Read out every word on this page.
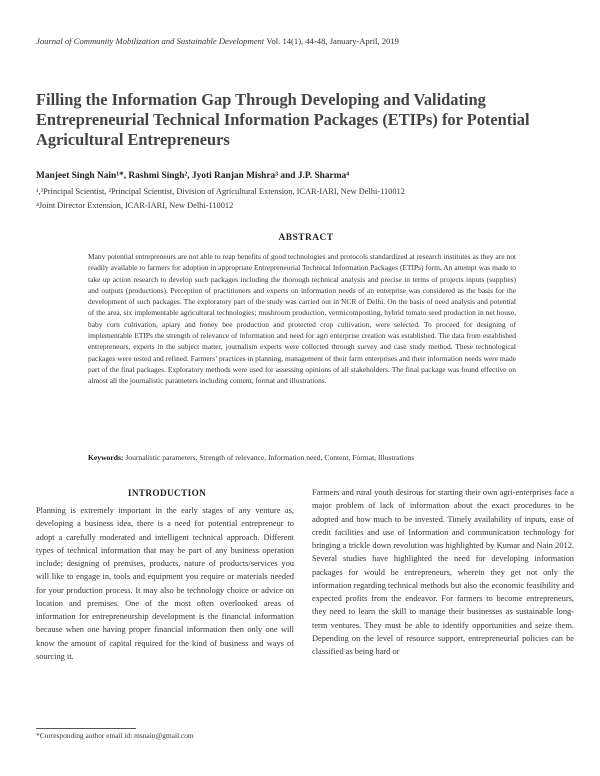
Journal of Community Mobilization and Sustainable Development Vol. 14(1), 44-48, January-April, 2019
Filling the Information Gap Through Developing and Validating Entrepreneurial Technical Information Packages (ETIPs) for Potential Agricultural Entrepreneurs
Manjeet Singh Nain¹*, Rashmi Singh², Jyoti Ranjan Mishra³ and J.P. Sharma⁴
¹,³Principal Scientist, ²Principal Scientist, Division of Agricultural Extension, ICAR-IARI, New Delhi-110012
⁴Joint Director Extension, ICAR-IARI, New Delhi-110012
ABSTRACT
Many potential entrepreneurs are not able to reap benefits of good technologies and protocols standardized at research institutes as they are not readily available to farmers for adoption in appropriate Entrepreneurial Technical Information Packages (ETIPs) form. An attempt was made to take up action research to develop such packages including the thorough technical analysis and precise in terms of projects inputs (supplies) and outputs (productions). Perception of practitioners and experts on information needs of an enterprise was considered as the basis for the development of such packages. The exploratory part of the study was carried out in NCR of Delhi. On the basis of need analysis and potential of the area, six implementable agricultural technologies; mushroom production, vermicomposting, hybrid tomato seed production in net house, baby corn cultivation, apiary and honey bee production and protected crop cultivation, were selected. To proceed for designing of implementable ETIPs the strength of relevance of information and need for agri enterprise creation was established. The data from established entrepreneurs, experts in the subject matter, journalism experts were collected through survey and case study method. These technological packages were tested and refined. Farmers’ practices in planning, management of their farm enterprises and their information needs were made part of the final packages. Exploratory methods were used for assessing opinions of all stakeholders. The final package was found effective on almost all the journalistic parameters including content, format and illustrations.
Keywords: Journalistic parameters, Strength of relevance, Information need, Content, Format, Illustrations
INTRODUCTION
Planning is extremely important in the early stages of any venture as, developing a business idea, there is a need for potential entrepreneur to adopt a carefully moderated and intelligent technical approach. Different types of technical information that may be part of any business operation include; designing of premises, products, nature of products/services you will like to engage in, tools and equipment you require or materials needed for your production process. It may also be technology choice or advice on location and premises. One of the most often overlooked areas of information for entrepreneurship development is the financial information because when one having proper financial information then only one will know the amount of capital required for the kind of business and ways of sourcing it.
Farmers and rural youth desirous for starting their own agri-enterprises face a major problem of lack of information about the exact procedures to be adopted and how much to be invested. Timely availability of inputs, ease of credit facilities and use of Information and communication technology for bringing a trickle down revolution was highlighted by Kumar and Nain 2012. Several studies have highlighted the need for developing information packages for would be entrepreneurs, wherein they get not only the information regarding technical methods but also the economic feasibility and expected profits from the endeavor. For farmers to become entrepreneurs, they need to learn the skill to manage their businesses as sustainable long-term ventures. They must be able to identify opportunities and seize them. Depending on the level of resource support, entrepreneurial policies can be classified as being hard or
*Corresponding author email id: msnain@gmail.com
